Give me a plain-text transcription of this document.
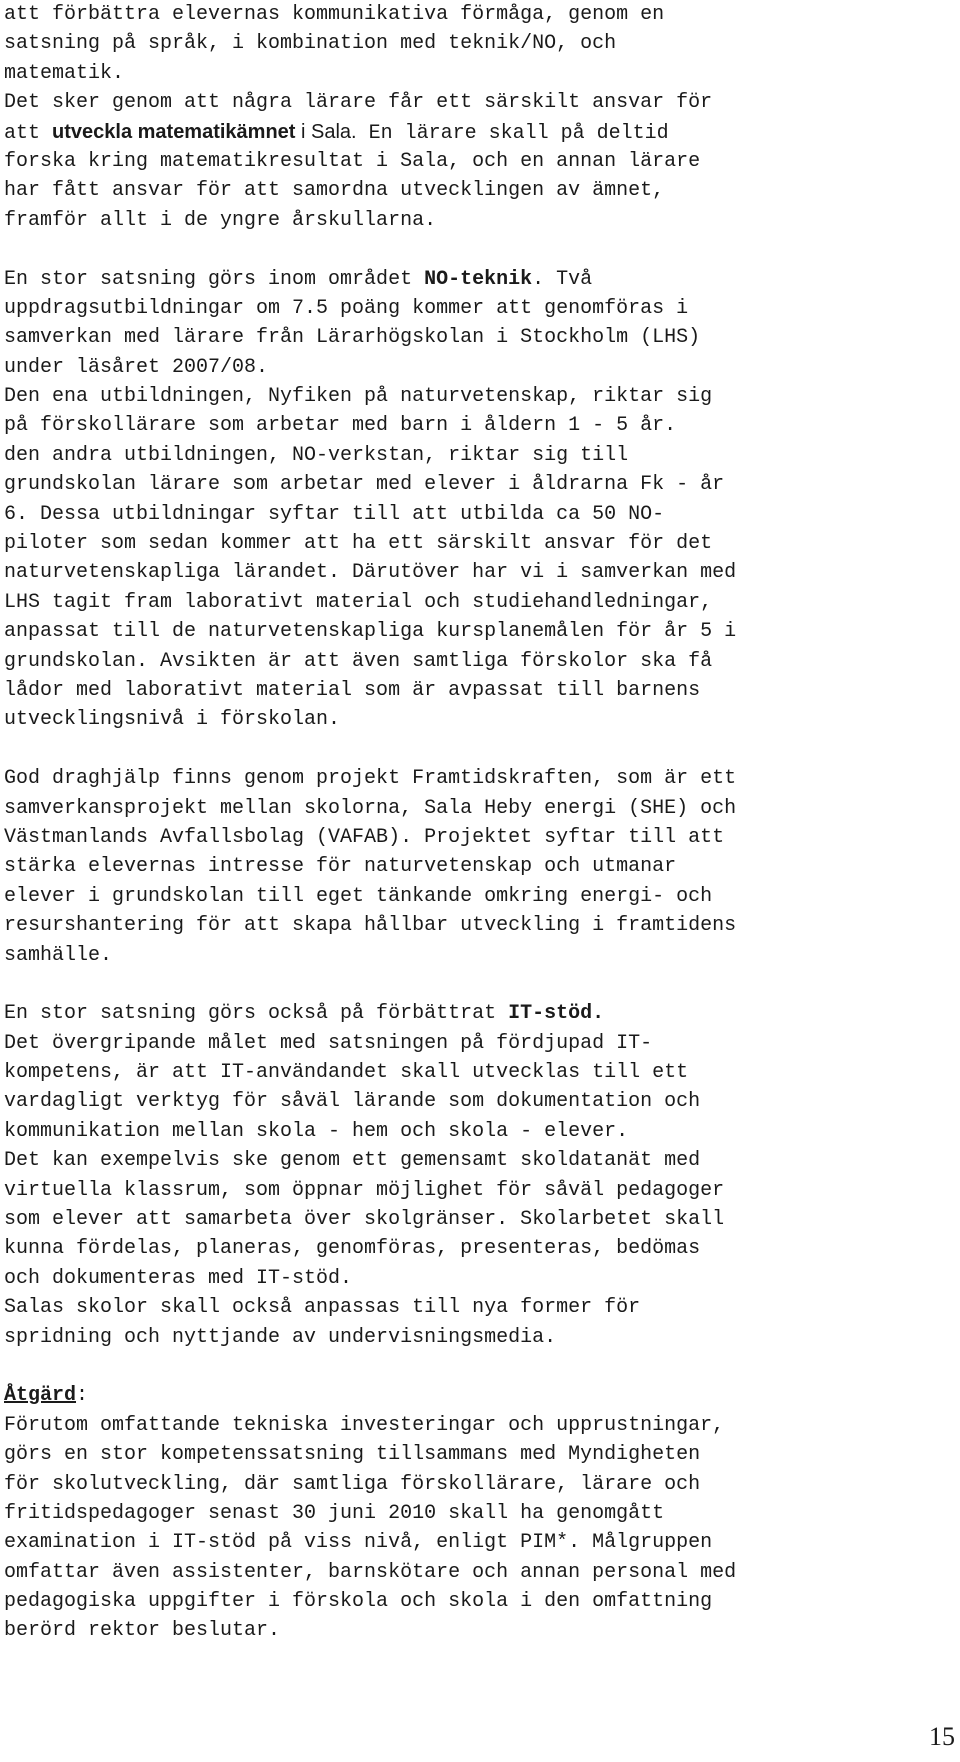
att förbättra elevernas kommunikativa förmåga, genom en

satsning på språk, i kombination med teknik/NO, och

matematik.

Det sker genom att några lärare får ett särskilt ansvar för

att utveckla matematikämnet i Sala. En lärare skall på deltid

forska kring matematikresultat i Sala, och en annan lärare

har fått ansvar för att samordna utvecklingen av ämnet,

framför allt i de yngre årskullarna.

En stor satsning görs inom området NO-teknik. Två

uppdragsutbildningar om 7.5 poäng kommer att genomföras i

samverkan med lärare från Lärarhögskolan i Stockholm (LHS)

under läsåret 2007/08.

Den ena utbildningen, Nyfiken på naturvetenskap, riktar sig

på förskollärare som arbetar med barn i åldern 1 - 5 år.

den andra utbildningen, NO-verkstan, riktar sig till

grundskolan lärare som arbetar med elever i åldrarna Fk - år

6. Dessa utbildningar syftar till att utbilda ca 50 NO-

piloter som sedan kommer att ha ett särskilt ansvar för det

naturvetenskapliga lärandet. Därutöver har vi i samverkan med

LHS tagit fram laborativt material och studiehandledningar,

anpassat till de naturvetenskapliga kursplanemålen för år 5 i

grundskolan. Avsikten är att även samtliga förskolor ska få

lådor med laborativt material som är avpassat till barnens

utvecklingsnivå i förskolan.

God draghjälp finns genom projekt Framtidskraften, som är ett

samverkansprojekt mellan skolorna, Sala Heby energi (SHE) och

Västmanlands Avfallsbolag (VAFAB). Projektet syftar till att

stärka elevernas intresse för naturvetenskap och utmanar

elever i grundskolan till eget tänkande omkring energi- och

resurshantering för att skapa hållbar utveckling i framtidens

samhälle.

En stor satsning görs också på förbättrat IT-stöd.

Det övergripande målet med satsningen på fördjupad IT-

kompetens, är att IT-användandet skall utvecklas till ett

vardagligt verktyg för såväl lärande som dokumentation och

kommunikation mellan skola - hem och skola - elever.

Det kan exempelvis ske genom ett gemensamt skoldatanät med

virtuella klassrum, som öppnar möjlighet för såväl pedagoger

som elever att samarbeta över skolgränser. Skolarbetet skall

kunna fördelas, planeras, genomföras, presenteras, bedömas

och dokumenteras med IT-stöd.

Salas skolor skall också anpassas till nya former för

spridning och nyttjande av undervisningsmedia.

Åtgärd:

Förutom omfattande tekniska investeringar och upprustningar,

görs en stor kompetenssatsning tillsammans med Myndigheten

för skolutveckling, där samtliga förskollärare, lärare och

fritidspedagoger senast 30 juni 2010 skall ha genomgått

examination i IT-stöd på viss nivå, enligt PIM*. Målgruppen

omfattar även assistenter, barnskötare och annan personal med

pedagogiska uppgifter i förskola och skola i den omfattning

berörd rektor beslutar.

15
